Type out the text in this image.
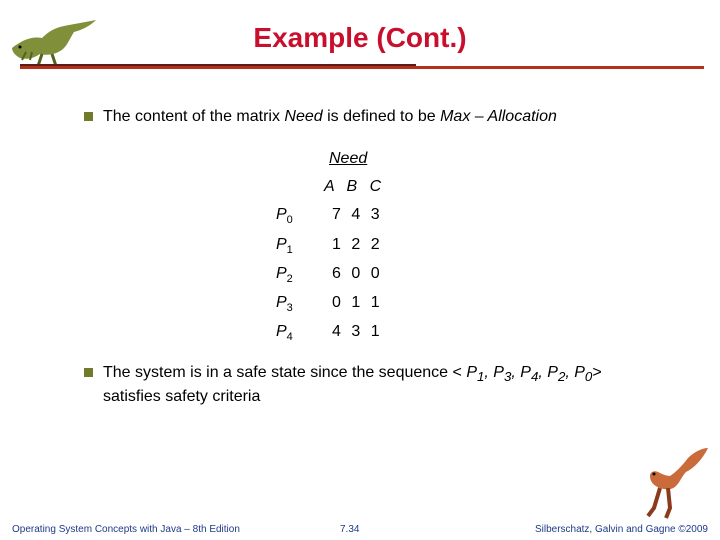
Example (Cont.)
The content of the matrix Need is defined to be Max – Allocation
Need
A B C
$P_0$ 7 4 3
$P_1$ 1 2 2
$P_2$ 6 0 0
$P_3$ 0 1 1
$P_4$ 4 3 1
The system is in a safe state since the sequence < $P_1$, $P_3$, $P_4$, $P_2$, $P_0>$
satisfies safety criteria
Operating System Concepts with Java – 8th Edition	7.34	Silberschatz, Galvin and Gagne ©2009
